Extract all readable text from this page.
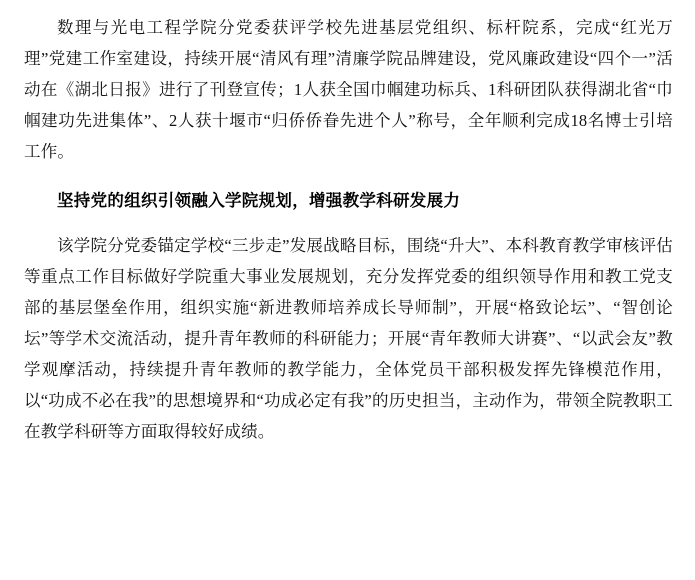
数理与光电工程学院分党委获评学校先进基层党组织、标杆院系，完成“红光万理”党建工作室建设，持续开展“清风有理”清廉学院品牌建设，党风廉政建设“四个一”活动在《湖北日报》进行了刊登宣传；1人获全国巾帼建功标兵、1科研团队获得湖北省“巾帼建功先进集体”、2人获十堰市“归侨侨眷先进个人”称号，全年顺利完成18名博士引培工作。

坚持党的组织引领融入学院规划，增强教学科研发展力

该学院分党委锚定学校“三步走”发展战略目标，围绕“升大”、本科教育教学审核评估等重点工作目标做好学院重大事业发展规划，充分发挥党委的组织领导作用和教工党支部的基层堡垒作用，组织实施“新进教师培养成长导师制”，开展“格致论坛”、“智创论坛”等学术交流活动，提升青年教师的科研能力；开展“青年教师大讲赛”、“以武会友”教学观摩活动，持续提升青年教师的教学能力，全体党员干部积极发挥先锋模范作用，以“功成不必在我”的思想境界和“功成必定有我”的历史担当，主动作为，带领全院教职工在教学科研等方面取得较好成绩。
